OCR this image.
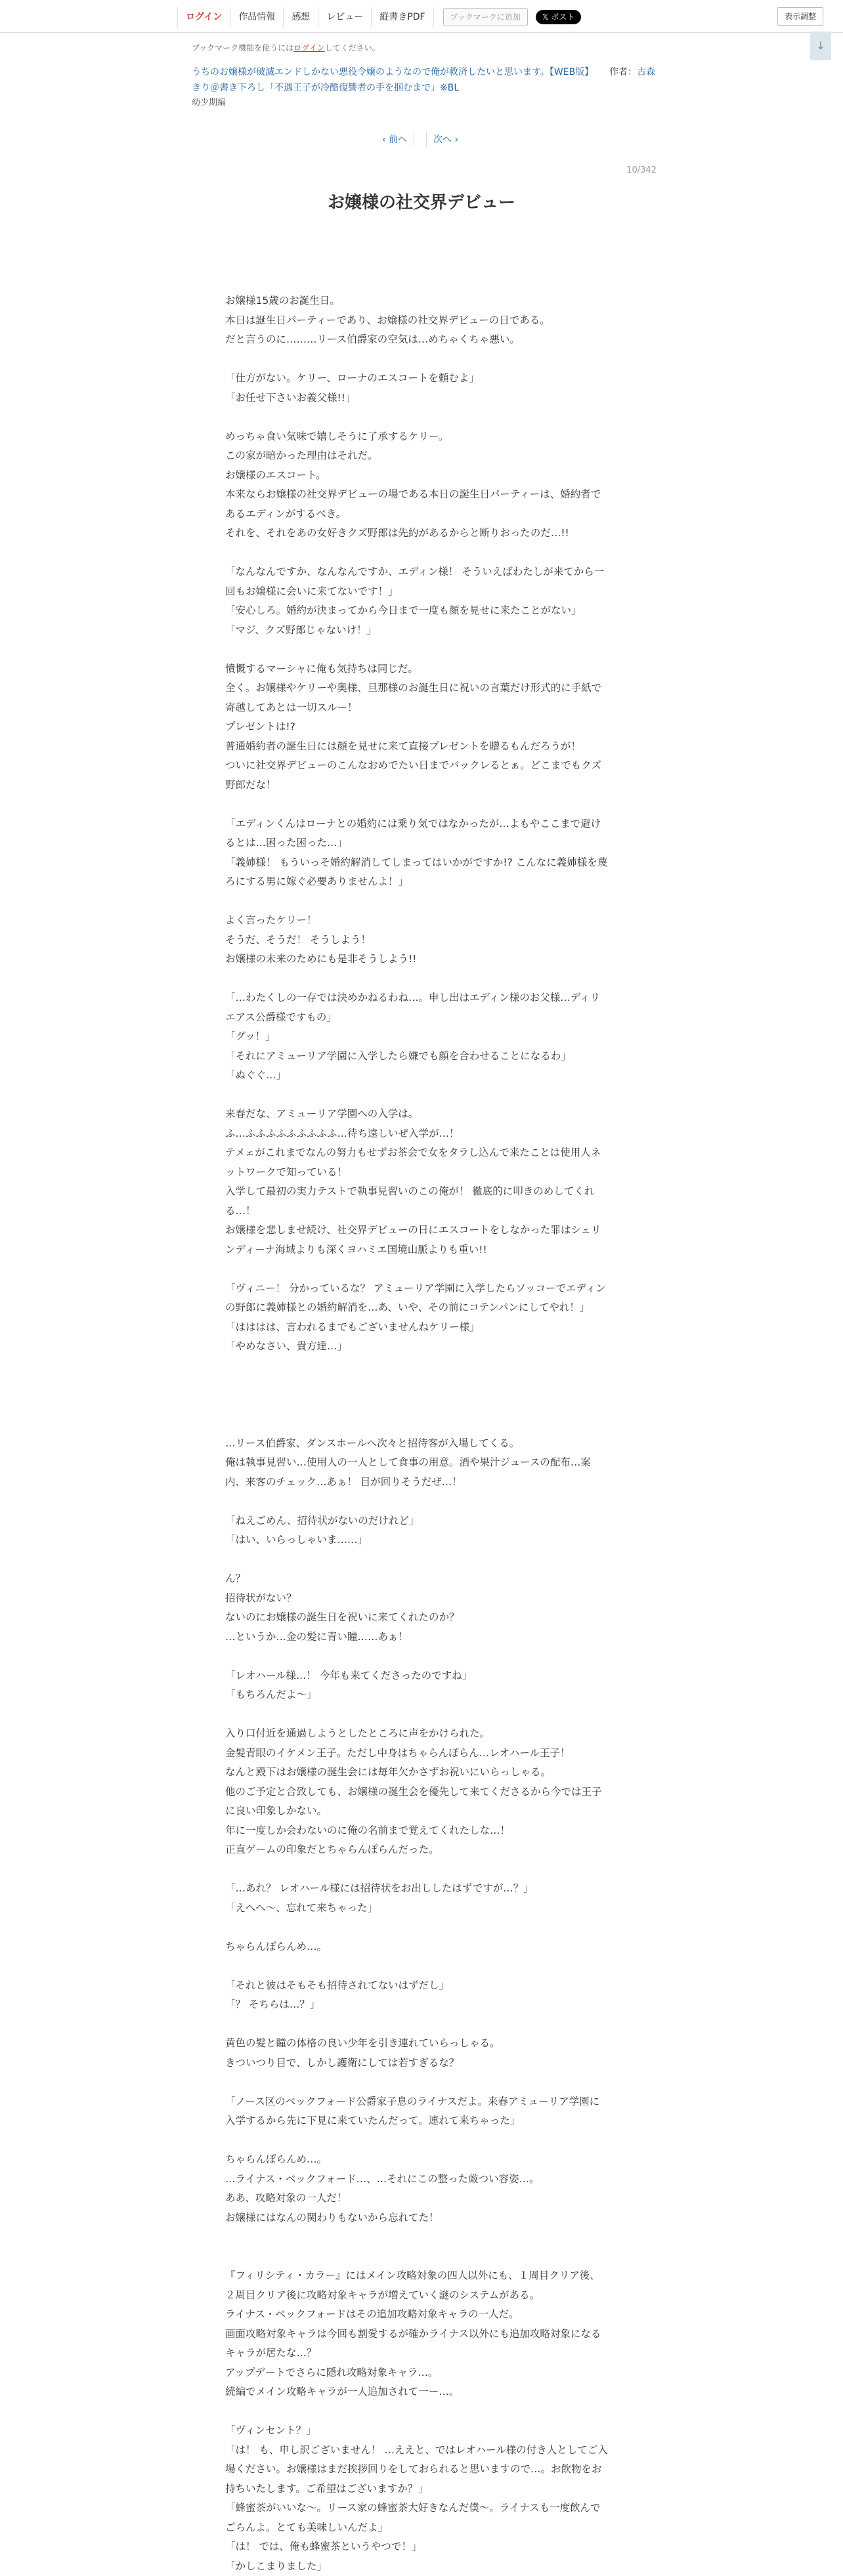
ログイン	作品情報	感想	レビュー	縦書きPDF	ブックマークに追加	𝕏 ポスト	表示調整
ブックマーク機能を使うにはログインしてください。	↓
うちのお嬢様が破滅エンドしかない悪役令嬢のようなので俺が救済したいと思います。【WEB版】 作者：古森きり＠書き下ろし「不遇王子が冷酷復讐者の手を掴むまで」※BL
幼少期編
‹ 前へ	次へ ›
10/342
お嬢様の社交界デビュー

お嬢様15歳のお誕生日。

本日は誕生日パーティーであり、お嬢様の社交界デビューの日である。

だと言うのに………リース伯爵家の空気は…めちゃくちゃ悪い。

「仕方がない。ケリー、ローナのエスコートを頼むよ」

「お任せ下さいお義父様!!」

めっちゃ食い気味で嬉しそうに了承するケリー。

この家が暗かった理由はそれだ。

お嬢様のエスコート。

本来ならお嬢様の社交界デビューの場である本日の誕生日パーティーは、婚約者で

あるエディンがするべき。

それを、それをあの女好きクズ野郎は先約があるからと断りおったのだ…!!

「なんなんですか、なんなんですか、エディン様！ そういえばわたしが来てから一

回もお嬢様に会いに来てないです！」

「安心しろ。婚約が決まってから今日まで一度も顔を見せに来たことがない」

「マジ、クズ野郎じゃないけ！」

憤慨するマーシャに俺も気持ちは同じだ。

全く。お嬢様やケリーや奥様、旦那様のお誕生日に祝いの言葉だけ形式的に手紙で

寄越してあとは一切スルー！

プレゼントは!?

普通婚約者の誕生日には顔を見せに来て直接プレゼントを贈るもんだろうが！

ついに社交界デビューのこんなおめでたい日までバックレるとぁ。どこまでもクズ

野郎だな！

「エディンくんはローナとの婚約には乗り気ではなかったが…よもやここまで避け

るとは…困った困った…」

「義姉様！ もういっそ婚約解消してしまってはいかがですか!? こんなに義姉様を蔑

ろにする男に嫁ぐ必要ありませんよ！」

よく言ったケリー！

そうだ、そうだ！ そうしよう！

お嬢様の未来のためにも是非そうしよう!!

「…わたくしの一存では決めかねるわね…。申し出はエディン様のお父様…ディリ

エアス公爵様ですもの」

「グッ！」

「それにアミューリア学園に入学したら嫌でも顔を合わせることになるわ」

「ぬぐぐ…」

来春だな、アミューリア学園への入学は。

ふ…ふふふふふふふふふ…待ち遠しいぜ入学が…！

テメェがこれまでなんの努力もせずお茶会で女をタラし込んで来たことは使用人ネ

ットワークで知っている！

入学して最初の実力テストで執事見習いのこの俺が！ 徹底的に叩きのめしてくれ

る…！

お嬢様を悲しませ続け、社交界デビューの日にエスコートをしなかった罪はシェリ

ンディーナ海域よりも深くヨハミエ国境山脈よりも重い!!

「ヴィニー！ 分かっているな？ アミューリア学園に入学したらソッコーでエディン

の野郎に義姉様との婚約解消を…あ、いや、その前にコテンパンにしてやれ！」

「はははは、言われるまでもございませんねケリー様」

「やめなさい、貴方達…」

…リース伯爵家、ダンスホールへ次々と招待客が入場してくる。

俺は執事見習い…使用人の一人として食事の用意。酒や果汁ジュースの配布…案

内、来客のチェック…あぁ！ 目が回りそうだぜ…！

「ねえごめん、招待状がないのだけれど」

「はい、いらっしゃいま……」

ん？

招待状がない？

ないのにお嬢様の誕生日を祝いに来てくれたのか？

…というか…金の髪に青い瞳……あぁ！

「レオハール様…！ 今年も来てくださったのですね」

「もちろんだよ〜」

入り口付近を通過しようとしたところに声をかけられた。

金髪青眼のイケメン王子。ただし中身はちゃらんぽらん…レオハール王子！

なんと殿下はお嬢様の誕生会には毎年欠かさずお祝いにいらっしゃる。

他のご予定と合致しても、お嬢様の誕生会を優先して来てくださるから今では王子

に良い印象しかない。

年に一度しか会わないのに俺の名前まで覚えてくれたしな…！

正直ゲームの印象だとちゃらんぽらんだった。

「…あれ？ レオハール様には招待状をお出ししたはずですが…？」

「えへへ〜、忘れて来ちゃった」

ちゃらんぽらんめ…。

「それと彼はそもそも招待されてないはずだし」

「？ そちらは…？」

黄色の髪と瞳の体格の良い少年を引き連れていらっしゃる。

きついつり目で、しかし護衛にしては若すぎるな？

「ノース区のベックフォード公爵家子息のライナスだよ。来春アミューリア学園に

入学するから先に下見に来ていたんだって。連れて来ちゃった」

ちゃらんぽらんめ…。

…ライナス・ベックフォード…、…それにこの整った厳つい容姿…。

ああ、攻略対象の一人だ！

お嬢様にはなんの関わりもないから忘れてた！

『フィリシティ・カラー』にはメイン攻略対象の四人以外にも、１周目クリア後、

２周目クリア後に攻略対象キャラが増えていく謎のシステムがある。

ライナス・ベックフォードはその追加攻略対象キャラの一人だ。

画面攻略対象キャラは今回も割愛するが確かライナス以外にも追加攻略対象になる

キャラが居たな…？

アップデートでさらに隠れ攻略対象キャラ…。

続編でメイン攻略キャラが一人追加されて一ー…。

「ヴィンセント？」

「は！ も、申し訳ございません！ …ええと、ではレオハール様の付き人としてご入

場ください。お嬢様はまだ挨拶回りをしておられると思いますので…。お飲物をお

持ちいたします。ご希望はございますか？」

「蜂蜜茶がいいな〜。リース家の蜂蜜茶大好きなんだ僕〜。ライナスも一度飲んで

ごらんよ。とても美味しいんだよ」

「は！ では、俺も蜂蜜茶というやつで！」

「かしこまりました」
